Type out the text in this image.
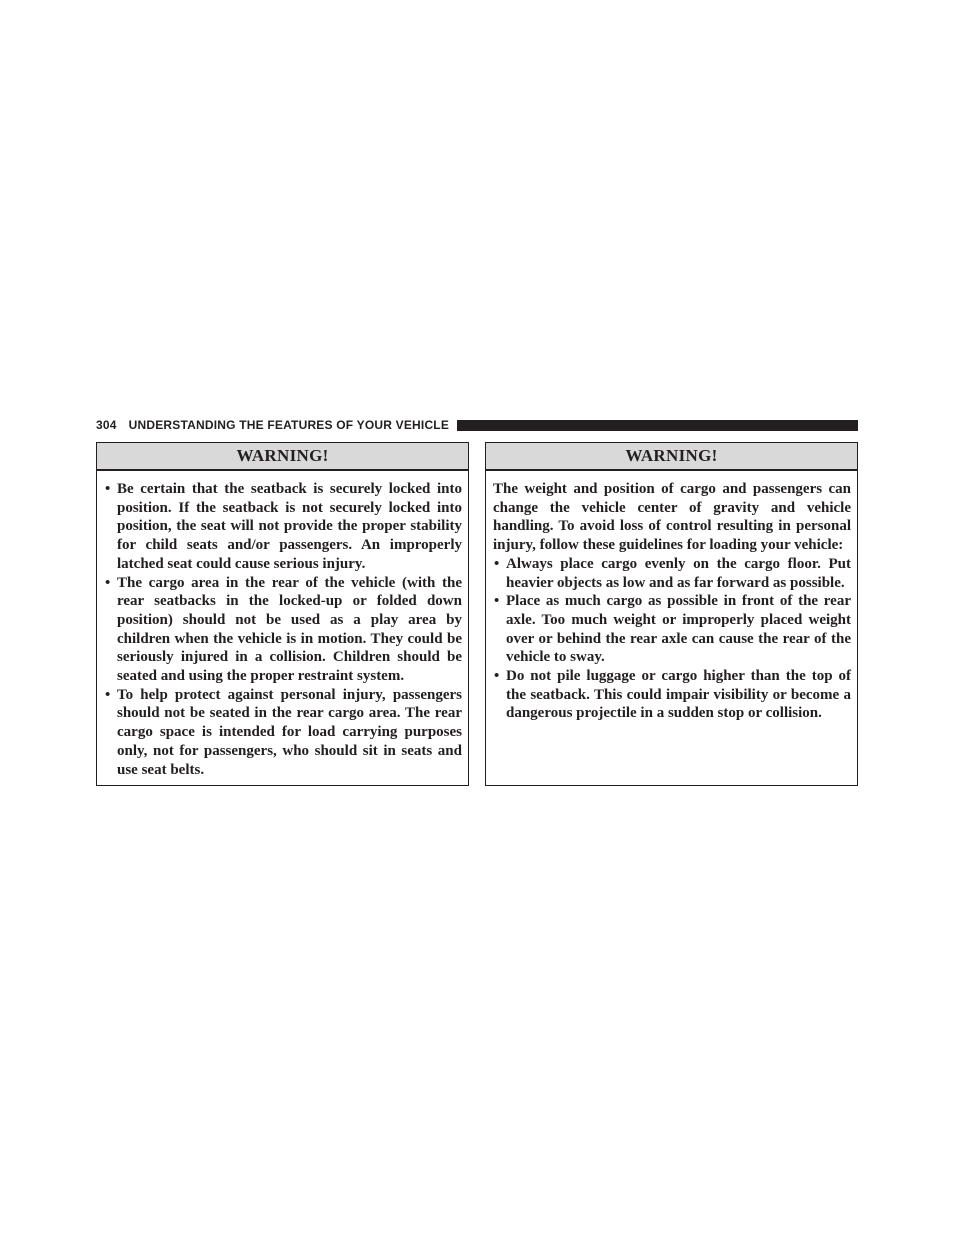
304 UNDERSTANDING THE FEATURES OF YOUR VEHICLE
WARNING!
• Be certain that the seatback is securely locked into position. If the seatback is not securely locked into position, the seat will not provide the proper stability for child seats and/or passengers. An improperly latched seat could cause serious injury.
• The cargo area in the rear of the vehicle (with the rear seatbacks in the locked-up or folded down position) should not be used as a play area by children when the vehicle is in motion. They could be seriously injured in a collision. Children should be seated and using the proper restraint system.
• To help protect against personal injury, passengers should not be seated in the rear cargo area. The rear cargo space is intended for load carrying purposes only, not for passengers, who should sit in seats and use seat belts.
WARNING!

The weight and position of cargo and passengers can change the vehicle center of gravity and vehicle handling. To avoid loss of control resulting in personal injury, follow these guidelines for loading your vehicle:

• Always place cargo evenly on the cargo floor. Put heavier objects as low and as far forward as possible.
• Place as much cargo as possible in front of the rear axle. Too much weight or improperly placed weight over or behind the rear axle can cause the rear of the vehicle to sway.
• Do not pile luggage or cargo higher than the top of the seatback. This could impair visibility or become a dangerous projectile in a sudden stop or collision.
